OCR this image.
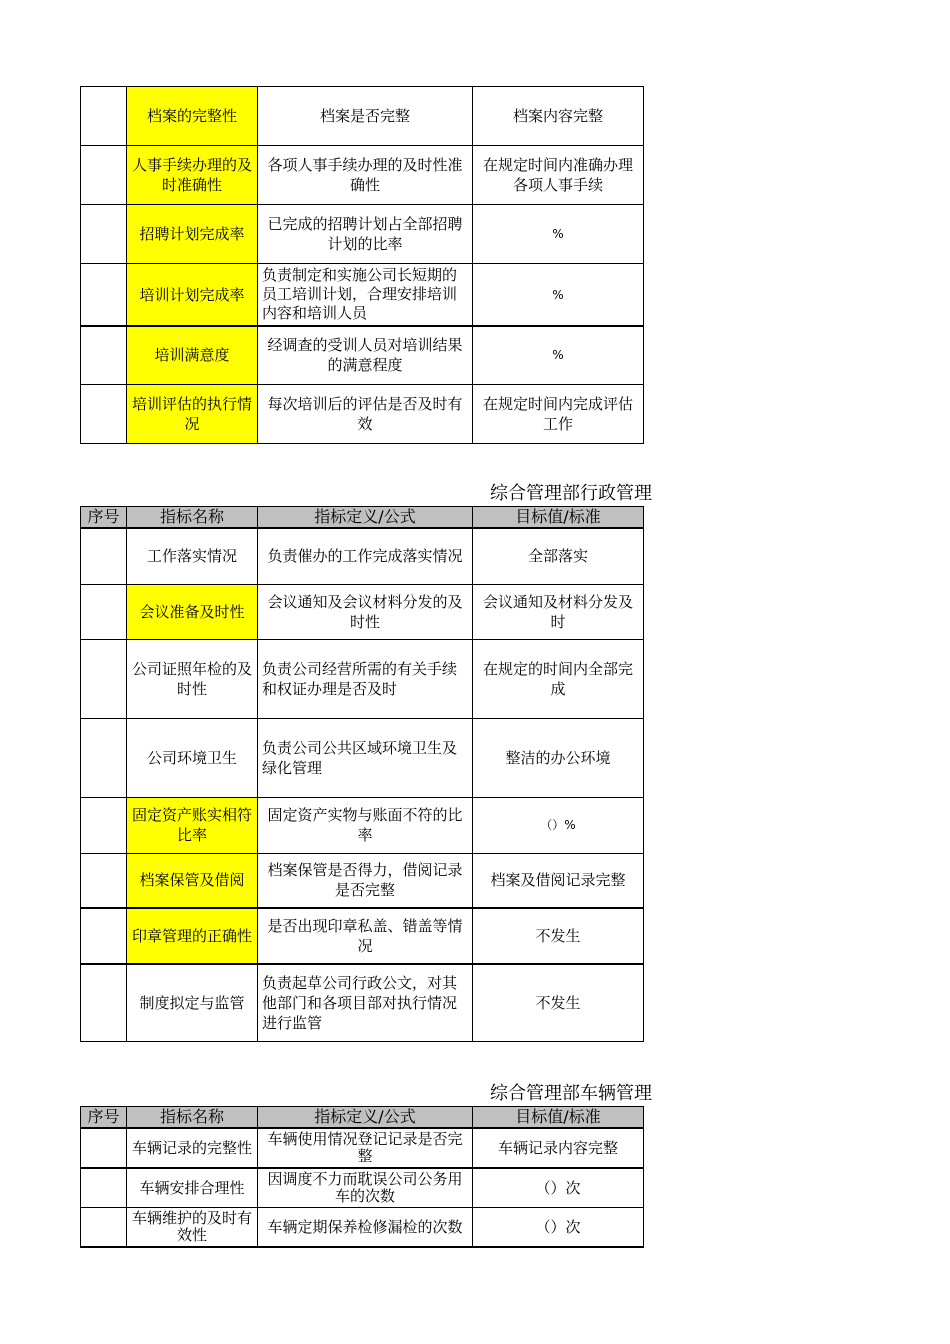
	档案的完整性	档案是否完整	档案内容完整
	人事手续办理的及时准确性	各项人事手续办理的及时性准确性	在规定时间内准确办理各项人事手续
	招聘计划完成率	已完成的招聘计划占全部招聘计划的比率	%
	培训计划完成率	负责制定和实施公司长短期的员工培训计划，合理安排培训内容和培训人员	%
	培训满意度	经调查的受训人员对培训结果的满意程度	%
	培训评估的执行情况	每次培训后的评估是否及时有效	在规定时间内完成评估工作
综合管理部行政管理
序号	指标名称	指标定义/公式	目标值/标准
	工作落实情况	负责催办的工作完成落实情况	全部落实
	会议准备及时性	会议通知及会议材料分发的及时性	会议通知及材料分发及时
	公司证照年检的及时性	负责公司经营所需的有关手续和权证办理是否及时	在规定的时间内全部完成
	公司环境卫生	负责公司公共区域环境卫生及绿化管理	整洁的办公环境
	固定资产账实相符比率	固定资产实物与账面不符的比率	（）%
	档案保管及借阅	档案保管是否得力，借阅记录是否完整	档案及借阅记录完整
	印章管理的正确性	是否出现印章私盖、错盖等情况	不发生
	制度拟定与监管	负责起草公司行政公文，对其他部门和各项目部对执行情况进行监管	不发生
综合管理部车辆管理
序号	指标名称	指标定义/公式	目标值/标准
	车辆记录的完整性	车辆使用情况登记记录是否完整	车辆记录内容完整
	车辆安排合理性	因调度不力而耽误公司公务用车的次数	（）次
	车辆维护的及时有效性	车辆定期保养检修漏检的次数	（）次
